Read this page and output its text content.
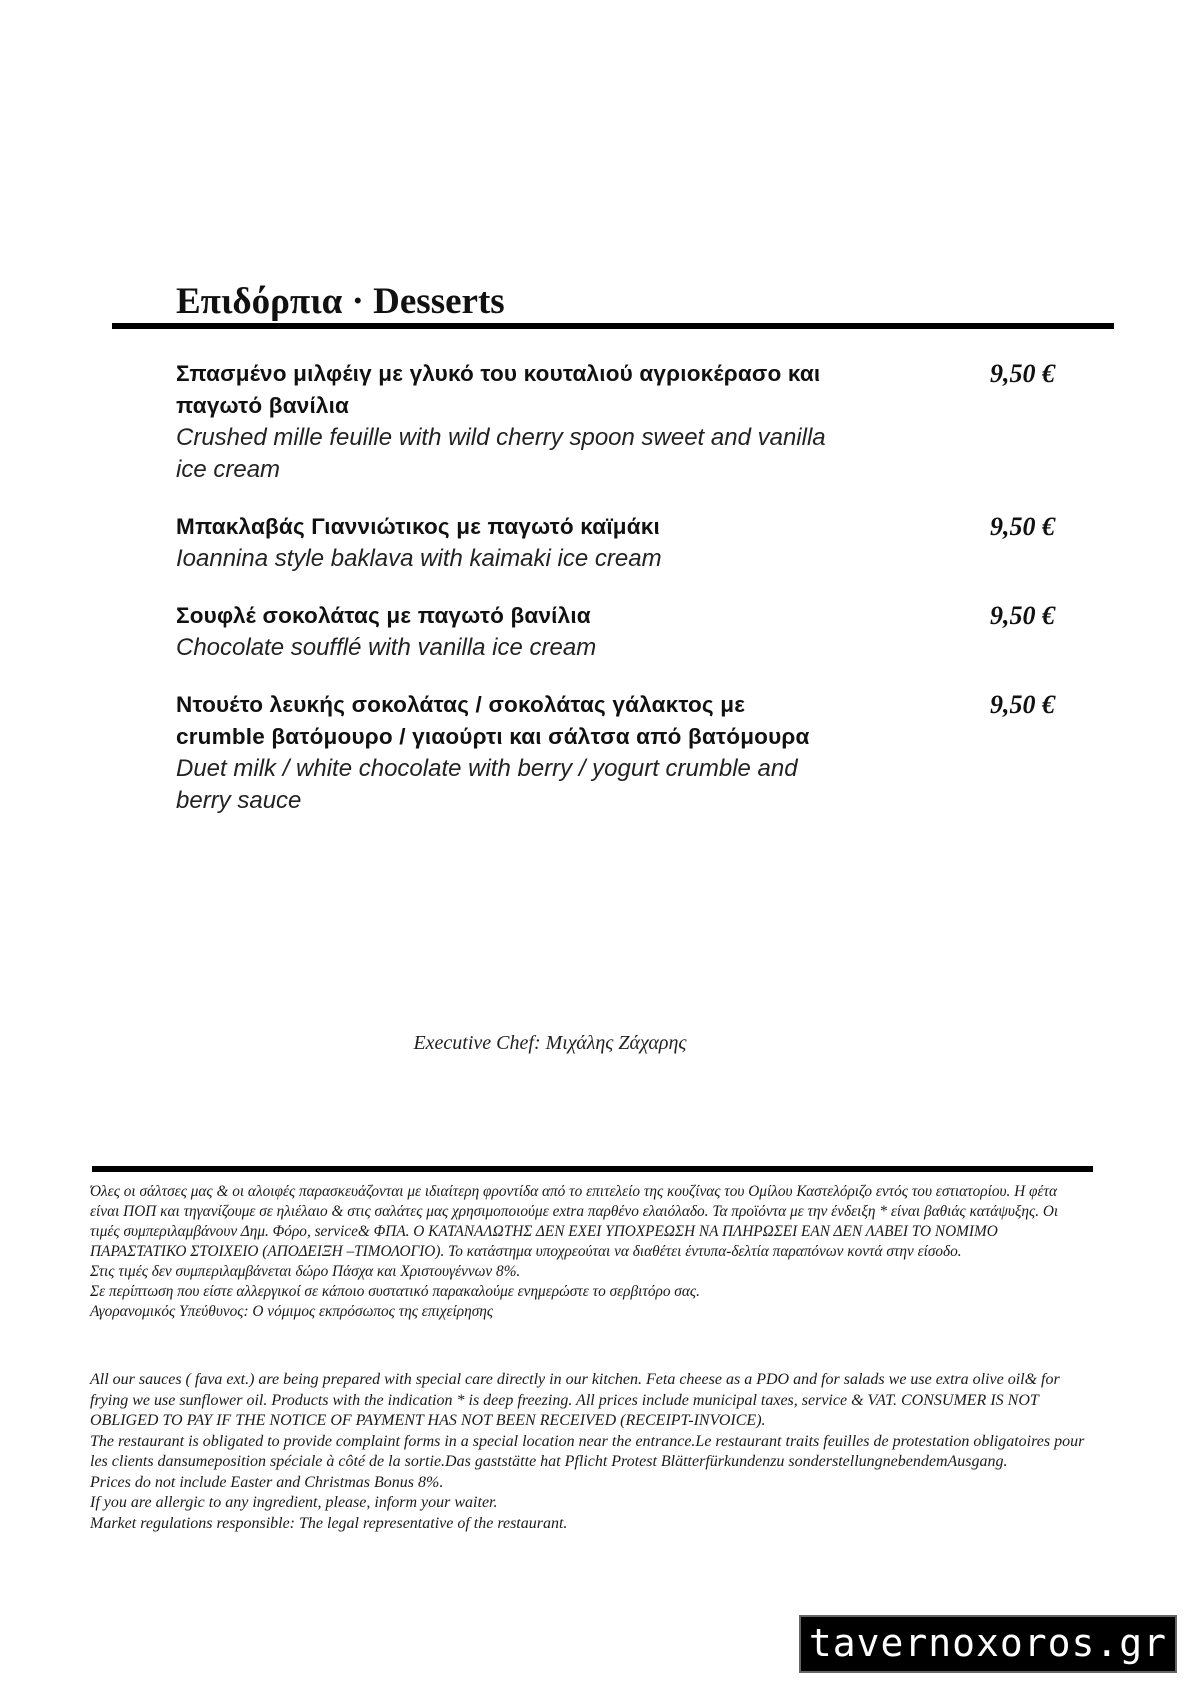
Επιδόρπια · Desserts

Σπασμένο μιλφέιγ με γλυκό του κουταλιού αγριοκέρασο και παγωτό βανίλια

Crushed mille feuille with wild cherry spoon sweet and vanilla ice cream

9,50 €

Μπακλαβάς Γιαννιώτικος με παγωτό καϊμάκι

Ioannina style baklava with kaimaki ice cream

9,50 €

Σουφλέ σοκολάτας με παγωτό βανίλια

Chocolate soufflé with vanilla ice cream

9,50 €

Ντουέτο λευκής σοκολάτας / σοκολάτας γάλακτος με crumble βατόμουρο / γιαούρτι και σάλτσα από βατόμουρα

Duet milk / white chocolate with berry / yogurt crumble and berry sauce

9,50 €
Executive Chef: Μιχάλης Ζάχαρης
Όλες οι σάλτσες μας & οι αλοιφές παρασκευάζονται με ιδιαίτερη φροντίδα από το επιτελείο της κουζίνας του Ομίλου Καστελόριζο εντός του εστιατορίου. Η φέτα είναι ΠΟΠ και τηγανίζουμε σε ηλιέλαιο & στις σαλάτες μας χρησιμοποιούμε extra παρθένο ελαιόλαδο. Τα προϊόντα με την ένδειξη * είναι βαθιάς κατάψυξης. Οι τιμές συμπεριλαμβάνουν Δημ. Φόρο, service& ΦΠΑ. Ο ΚΑΤΑΝΑΛΩΤΗΣ ΔΕΝ ΕΧΕΙ ΥΠΟΧΡΕΩΣΗ ΝΑ ΠΛΗΡΩΣΕΙ ΕΑΝ ΔΕΝ ΛΑΒΕΙ ΤΟ ΝΟΜΙΜΟ ΠΑΡΑΣΤΑΤΙΚΟ ΣΤΟΙΧΕΙΟ (ΑΠΟΔΕΙΞΗ –ΤΙΜΟΛΟΓΙΟ). Το κατάστημα υποχρεούται να διαθέτει έντυπα-δελτία παραπόνων κοντά στην είσοδο.
Στις τιμές δεν συμπεριλαμβάνεται δώρο Πάσχα και Χριστουγέννων 8%.
Σε περίπτωση που είστε αλλεργικοί σε κάποιο συστατικό παρακαλούμε ενημερώστε το σερβιτόρο σας.
Αγορανομικός Υπεύθυνος: Ο νόμιμος εκπρόσωπος της επιχείρησης
All our sauces ( fava ext.) are being prepared with special care directly in our kitchen. Feta cheese as a PDO and for salads we use extra olive oil& for frying we use sunflower oil. Products with the indication * is deep freezing. All prices include municipal taxes, service & VAT. CONSUMER IS NOT OBLIGED TO PAY IF THE NOTICE OF PAYMENT HAS NOT BEEN RECEIVED (RECEIPT-INVOICE).
The restaurant is obligated to provide complaint forms in a special location near the entrance.Le restaurant traits feuilles de protestation obligatoires pour les clients dansumeposition spéciale à côté de la sortie.Das gaststätte hat Pflicht Protest Blätterfürkundenzu sonderstellungnebendemAusgang.
Prices do not include Easter and Christmas Bonus 8%.
If you are allergic to any ingredient, please, inform your waiter.
Market regulations responsible: The legal representative of the restaurant.
tavernoxoros.gr
